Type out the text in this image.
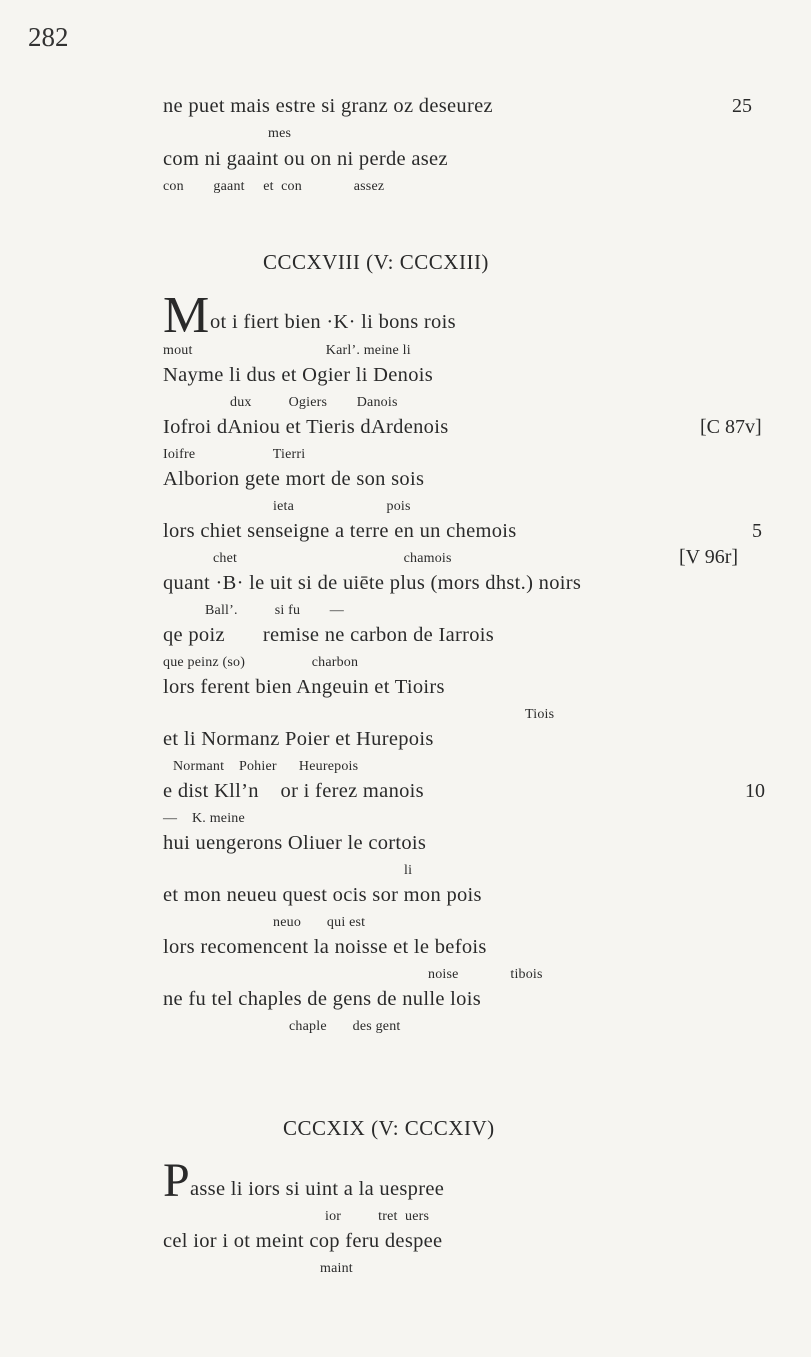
282
ne puet mais estre si granz oz deseurez	25
mes
com ni gaaint ou on ni perde asez
con        gaant     et  con              assez
CCCXVIII (V: CCCXIII)
M ot i fiert bien ·K· li bons rois
mout                                    Karl’. meine li
Nayme li dus et Ogier li Denois
dux          Ogiers        Danois
Iofroi dAniou et Tieris dArdenois	[C 87v]
Ioifre                     Tierri
Alborion gete mort de son sois
ieta                         pois
lors chiet senseigne a terre en un chemois	5
chet                                             chamois	[V 96r]
quant ·B· le uit si de uiēte plus (mors dhst.) noirs
Ball’.          si fu        —
qe poiz       remise ne carbon de Iarrois
que peinz (so)                  charbon
lors ferent bien Angeuin et Tioirs
Tiois
et li Normanz Poier et Hurepois
Normant    Pohier      Heurepois
e dist Kll’n    or i ferez manois	10
—    K. meine
hui uengerons Oliuer le cortois
li
et mon neueu quest ocis sor mon pois
neuo       qui est
lors recomencent la noisse et le befois
noise              tibois
ne fu tel chaples de gens de nulle lois
chaple       des gent
CCCXIX (V: CCCXIV)
P asse li iors si uint a la uespree
ior          tret  uers
cel ior i ot meint cop feru despee
maint
